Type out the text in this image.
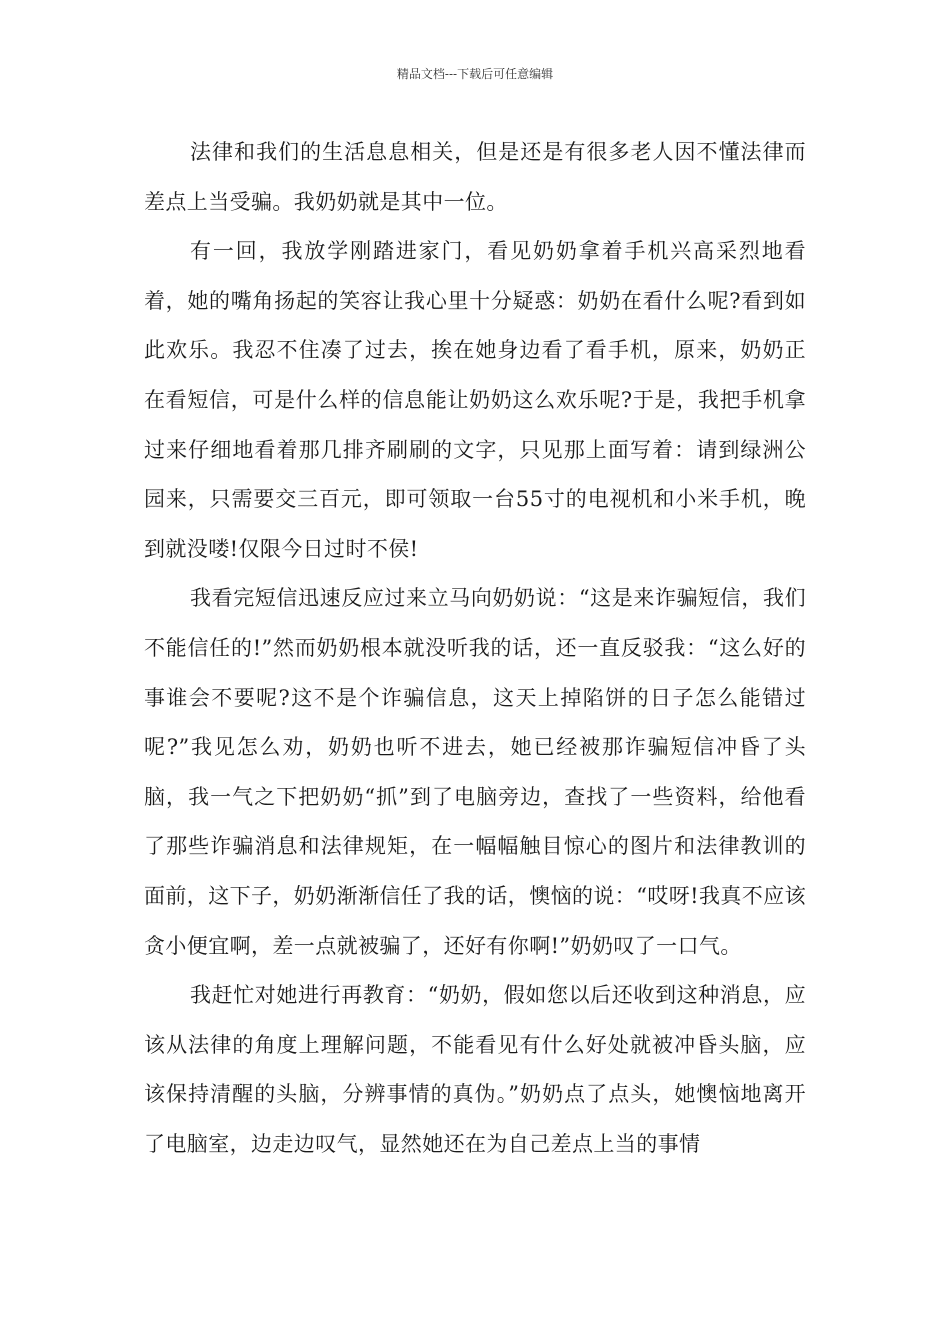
精品文档---下载后可任意编辑

法律和我们的生活息息相关，但是还是有很多老人因不懂法律而差点上当受骗。我奶奶就是其中一位。

有一回，我放学刚踏进家门，看见奶奶拿着手机兴高采烈地看着，她的嘴角扬起的笑容让我心里十分疑惑：奶奶在看什么呢?看到如此欢乐。我忍不住凑了过去，挨在她身边看了看手机，原来，奶奶正在看短信，可是什么样的信息能让奶奶这么欢乐呢?于是，我把手机拿过来仔细地看着那几排齐刷刷的文字，只见那上面写着：请到绿洲公园来，只需要交三百元，即可领取一台55寸的电视机和小米手机，晚到就没喽!仅限今日过时不侯!

我看完短信迅速反应过来立马向奶奶说：“这是来诈骗短信，我们不能信任的!”然而奶奶根本就没听我的话，还一直反驳我：“这么好的事谁会不要呢?这不是个诈骗信息，这天上掉陷饼的日子怎么能错过呢?”我见怎么劝，奶奶也听不进去，她已经被那诈骗短信冲昏了头脑，我一气之下把奶奶“抓”到了电脑旁边，查找了一些资料，给他看了那些诈骗消息和法律规矩，在一幅幅触目惊心的图片和法律教训的面前，这下子，奶奶渐渐信任了我的话，懊恼的说：“哎呀!我真不应该贪小便宜啊，差一点就被骗了，还好有你啊!”奶奶叹了一口气。

我赶忙对她进行再教育：“奶奶，假如您以后还收到这种消息，应该从法律的角度上理解问题，不能看见有什么好处就被冲昏头脑，应该保持清醒的头脑，分辨事情的真伪。”奶奶点了点头，她懊恼地离开了电脑室，边走边叹气，显然她还在为自己差点上当的事情
